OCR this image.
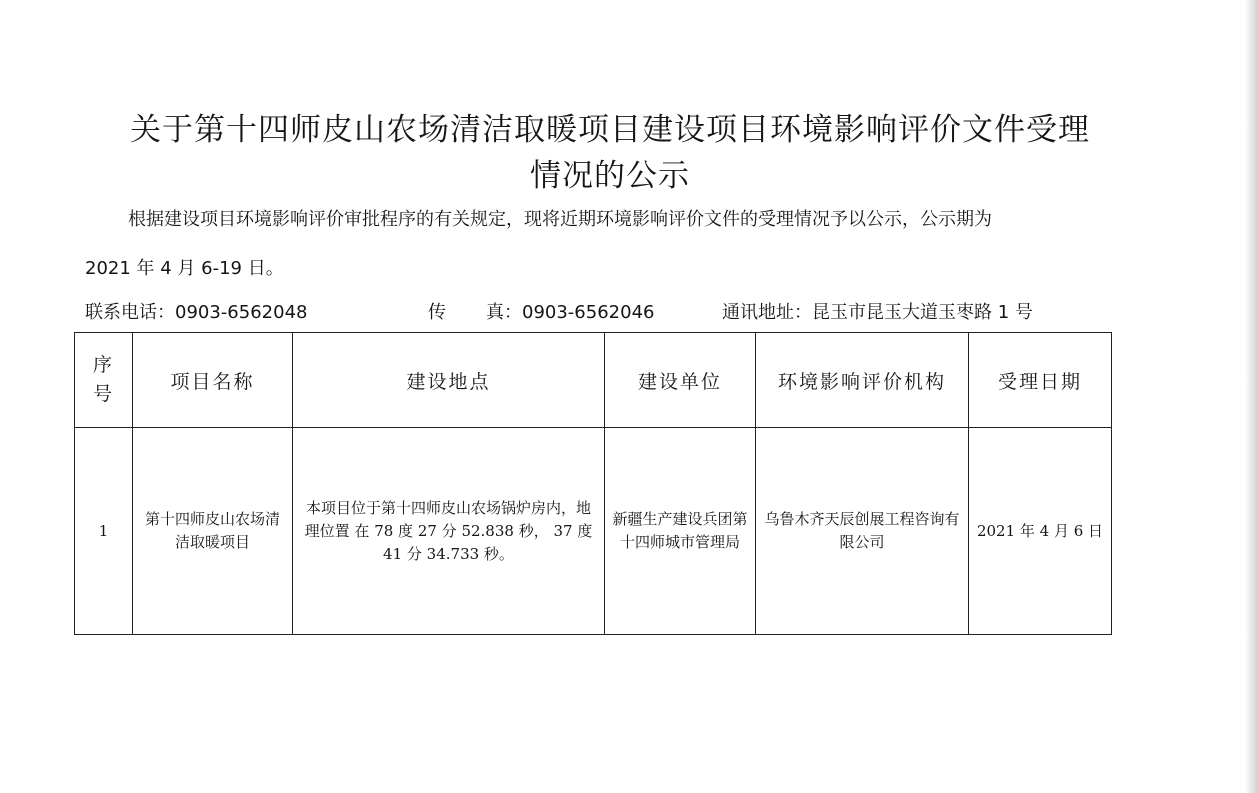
关于第十四师皮山农场清洁取暖项目建设项目环境影响评价文件受理
情况的公示
根据建设项目环境影响评价审批程序的有关规定，现将近期环境影响评价文件的受理情况予以公示，公示期为
2021 年 4 月 6-19 日。
联系电话：0903-6562048	传 真：0903-6562046	通讯地址：昆玉市昆玉大道玉枣路 1 号
序
号	项目名称	建设地点	建设单位	环境影响评价机构	受理日期
1	第十四师皮山农场清洁取暖项目	本项目位于第十四师皮山农场锅炉房内，地理位置 在 78 度 27 分 52.838 秒， 37 度 41 分 34.733 秒。	新疆生产建设兵团第十四师城市管理局	乌鲁木齐天辰创展工程咨询有限公司	2021 年 4 月 6 日
